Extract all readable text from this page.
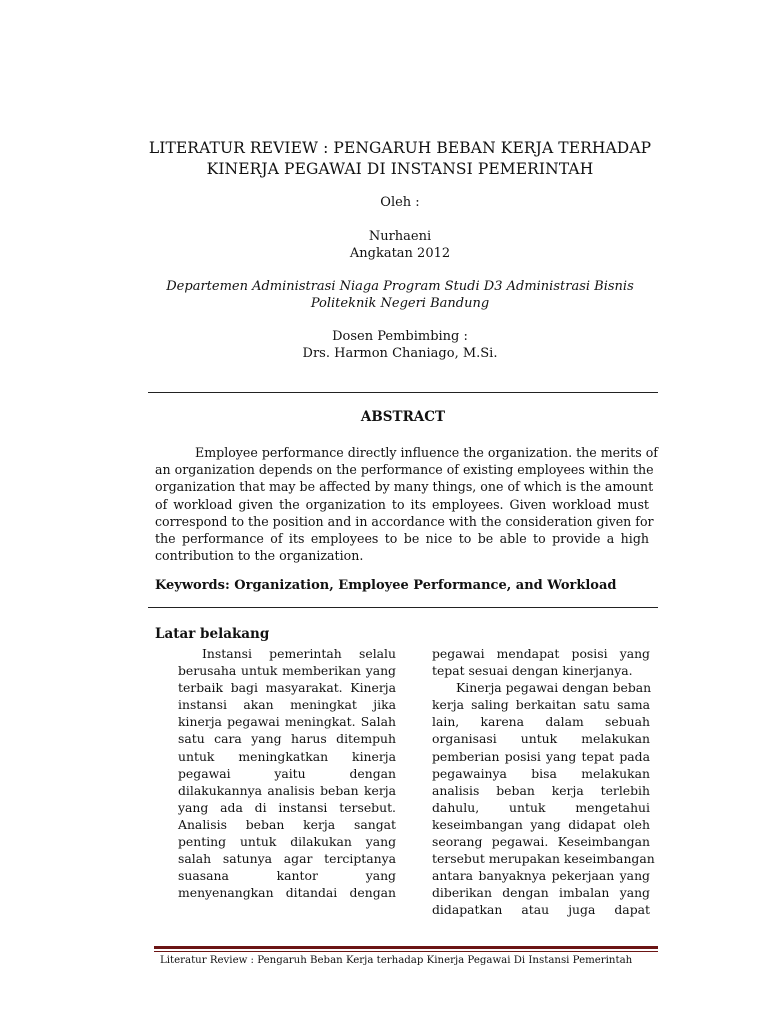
LITERATUR REVIEW : PENGARUH BEBAN KERJA TERHADAP
KINERJA PEGAWAI DI INSTANSI PEMERINTAH
Oleh :
Nurhaeni
Angkatan 2012
Departemen Administrasi Niaga Program Studi D3 Administrasi Bisnis
Politeknik Negeri Bandung
Dosen Pembimbing :
Drs. Harmon Chaniago, M.Si.
ABSTRACT
Employee performance directly influence the organization. the merits of
an organization depends on the performance of existing employees within the
organization that may be affected by many things, one of which is the amount
of workload given the organization to its employees. Given workload must
correspond to the position and in accordance with the consideration given for
the performance of its employees to be nice to be able to provide a high
contribution to the organization.
Keywords: Organization, Employee Performance, and Workload
Latar belakang
Instansi pemerintah selalu
berusaha untuk memberikan yang
terbaik bagi masyarakat. Kinerja
instansi akan meningkat jika
kinerja pegawai meningkat. Salah
satu cara yang harus ditempuh
untuk meningkatkan kinerja
pegawai yaitu dengan
dilakukannya analisis beban kerja
yang ada di instansi tersebut.
Analisis beban kerja sangat
penting untuk dilakukan yang
salah satunya agar terciptanya
suasana kantor yang
menyenangkan ditandai dengan
pegawai mendapat posisi yang
tepat sesuai dengan kinerjanya.
Kinerja pegawai dengan beban
kerja saling berkaitan satu sama
lain, karena dalam sebuah
organisasi untuk melakukan
pemberian posisi yang tepat pada
pegawainya bisa melakukan
analisis beban kerja terlebih
dahulu, untuk mengetahui
keseimbangan yang didapat oleh
seorang pegawai. Keseimbangan
tersebut merupakan keseimbangan
antara banyaknya pekerjaan yang
diberikan dengan imbalan yang
didapatkan atau juga dapat
Literatur Review : Pengaruh Beban Kerja terhadap Kinerja Pegawai Di Instansi Pemerintah
